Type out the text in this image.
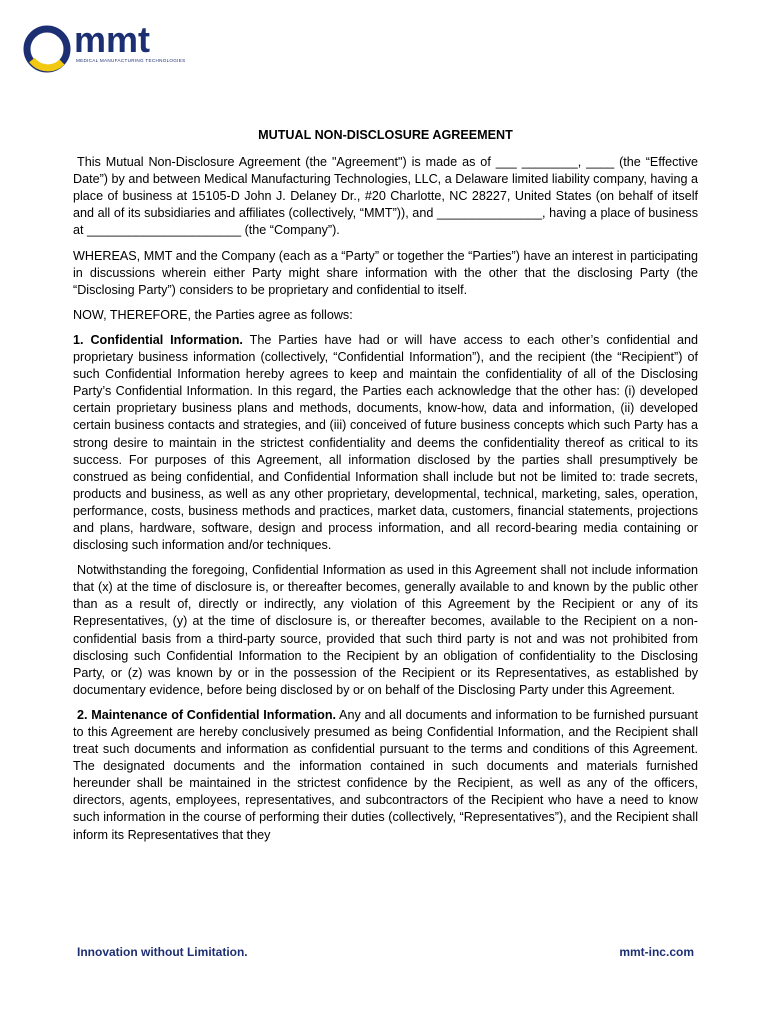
mmt
MEDICAL MANUFACTURING TECHNOLOGIES
MUTUAL NON-DISCLOSURE AGREEMENT

This Mutual Non-Disclosure Agreement (the "Agreement") is made as of ___ ________, ____ (the “Effective Date”) by and between Medical Manufacturing Technologies, LLC, a Delaware limited liability company, having a place of business at 15105-D John J. Delaney Dr., #20 Charlotte, NC 28227, United States (on behalf of itself and all of its subsidiaries and affiliates (collectively, “MMT”)), and _______________, having a place of business at ______________________ (the “Company”).

WHEREAS, MMT and the Company (each as a “Party” or together the “Parties”) have an interest in participating in discussions wherein either Party might share information with the other that the disclosing Party (the “Disclosing Party”) considers to be proprietary and confidential to itself.

NOW, THEREFORE, the Parties agree as follows:

1. Confidential Information. The Parties have had or will have access to each other’s confidential and proprietary business information (collectively, “Confidential Information”), and the recipient (the “Recipient”) of such Confidential Information hereby agrees to keep and maintain the confidentiality of all of the Disclosing Party’s Confidential Information. In this regard, the Parties each acknowledge that the other has: (i) developed certain proprietary business plans and methods, documents, know-how, data and information, (ii) developed certain business contacts and strategies, and (iii) conceived of future business concepts which such Party has a strong desire to maintain in the strictest confidentiality and deems the confidentiality thereof as critical to its success. For purposes of this Agreement, all information disclosed by the parties shall presumptively be construed as being confidential, and Confidential Information shall include but not be limited to: trade secrets, products and business, as well as any other proprietary, developmental, technical, marketing, sales, operation, performance, costs, business methods and practices, market data, customers, financial statements, projections and plans, hardware, software, design and process information, and all record-bearing media containing or disclosing such information and/or techniques.

Notwithstanding the foregoing, Confidential Information as used in this Agreement shall not include information that (x) at the time of disclosure is, or thereafter becomes, generally available to and known by the public other than as a result of, directly or indirectly, any violation of this Agreement by the Recipient or any of its Representatives, (y) at the time of disclosure is, or thereafter becomes, available to the Recipient on a non-confidential basis from a third-party source, provided that such third party is not and was not prohibited from disclosing such Confidential Information to the Recipient by an obligation of confidentiality to the Disclosing Party, or (z) was known by or in the possession of the Recipient or its Representatives, as established by documentary evidence, before being disclosed by or on behalf of the Disclosing Party under this Agreement.

2. Maintenance of Confidential Information. Any and all documents and information to be furnished pursuant to this Agreement are hereby conclusively presumed as being Confidential Information, and the Recipient shall treat such documents and information as confidential pursuant to the terms and conditions of this Agreement. The designated documents and the information contained in such documents and materials furnished hereunder shall be maintained in the strictest confidence by the Recipient, as well as any of the officers, directors, agents, employees, representatives, and subcontractors of the Recipient who have a need to know such information in the course of performing their duties (collectively, “Representatives”), and the Recipient shall inform its Representatives that they

Innovation without Limitation.	mmt-inc.com
